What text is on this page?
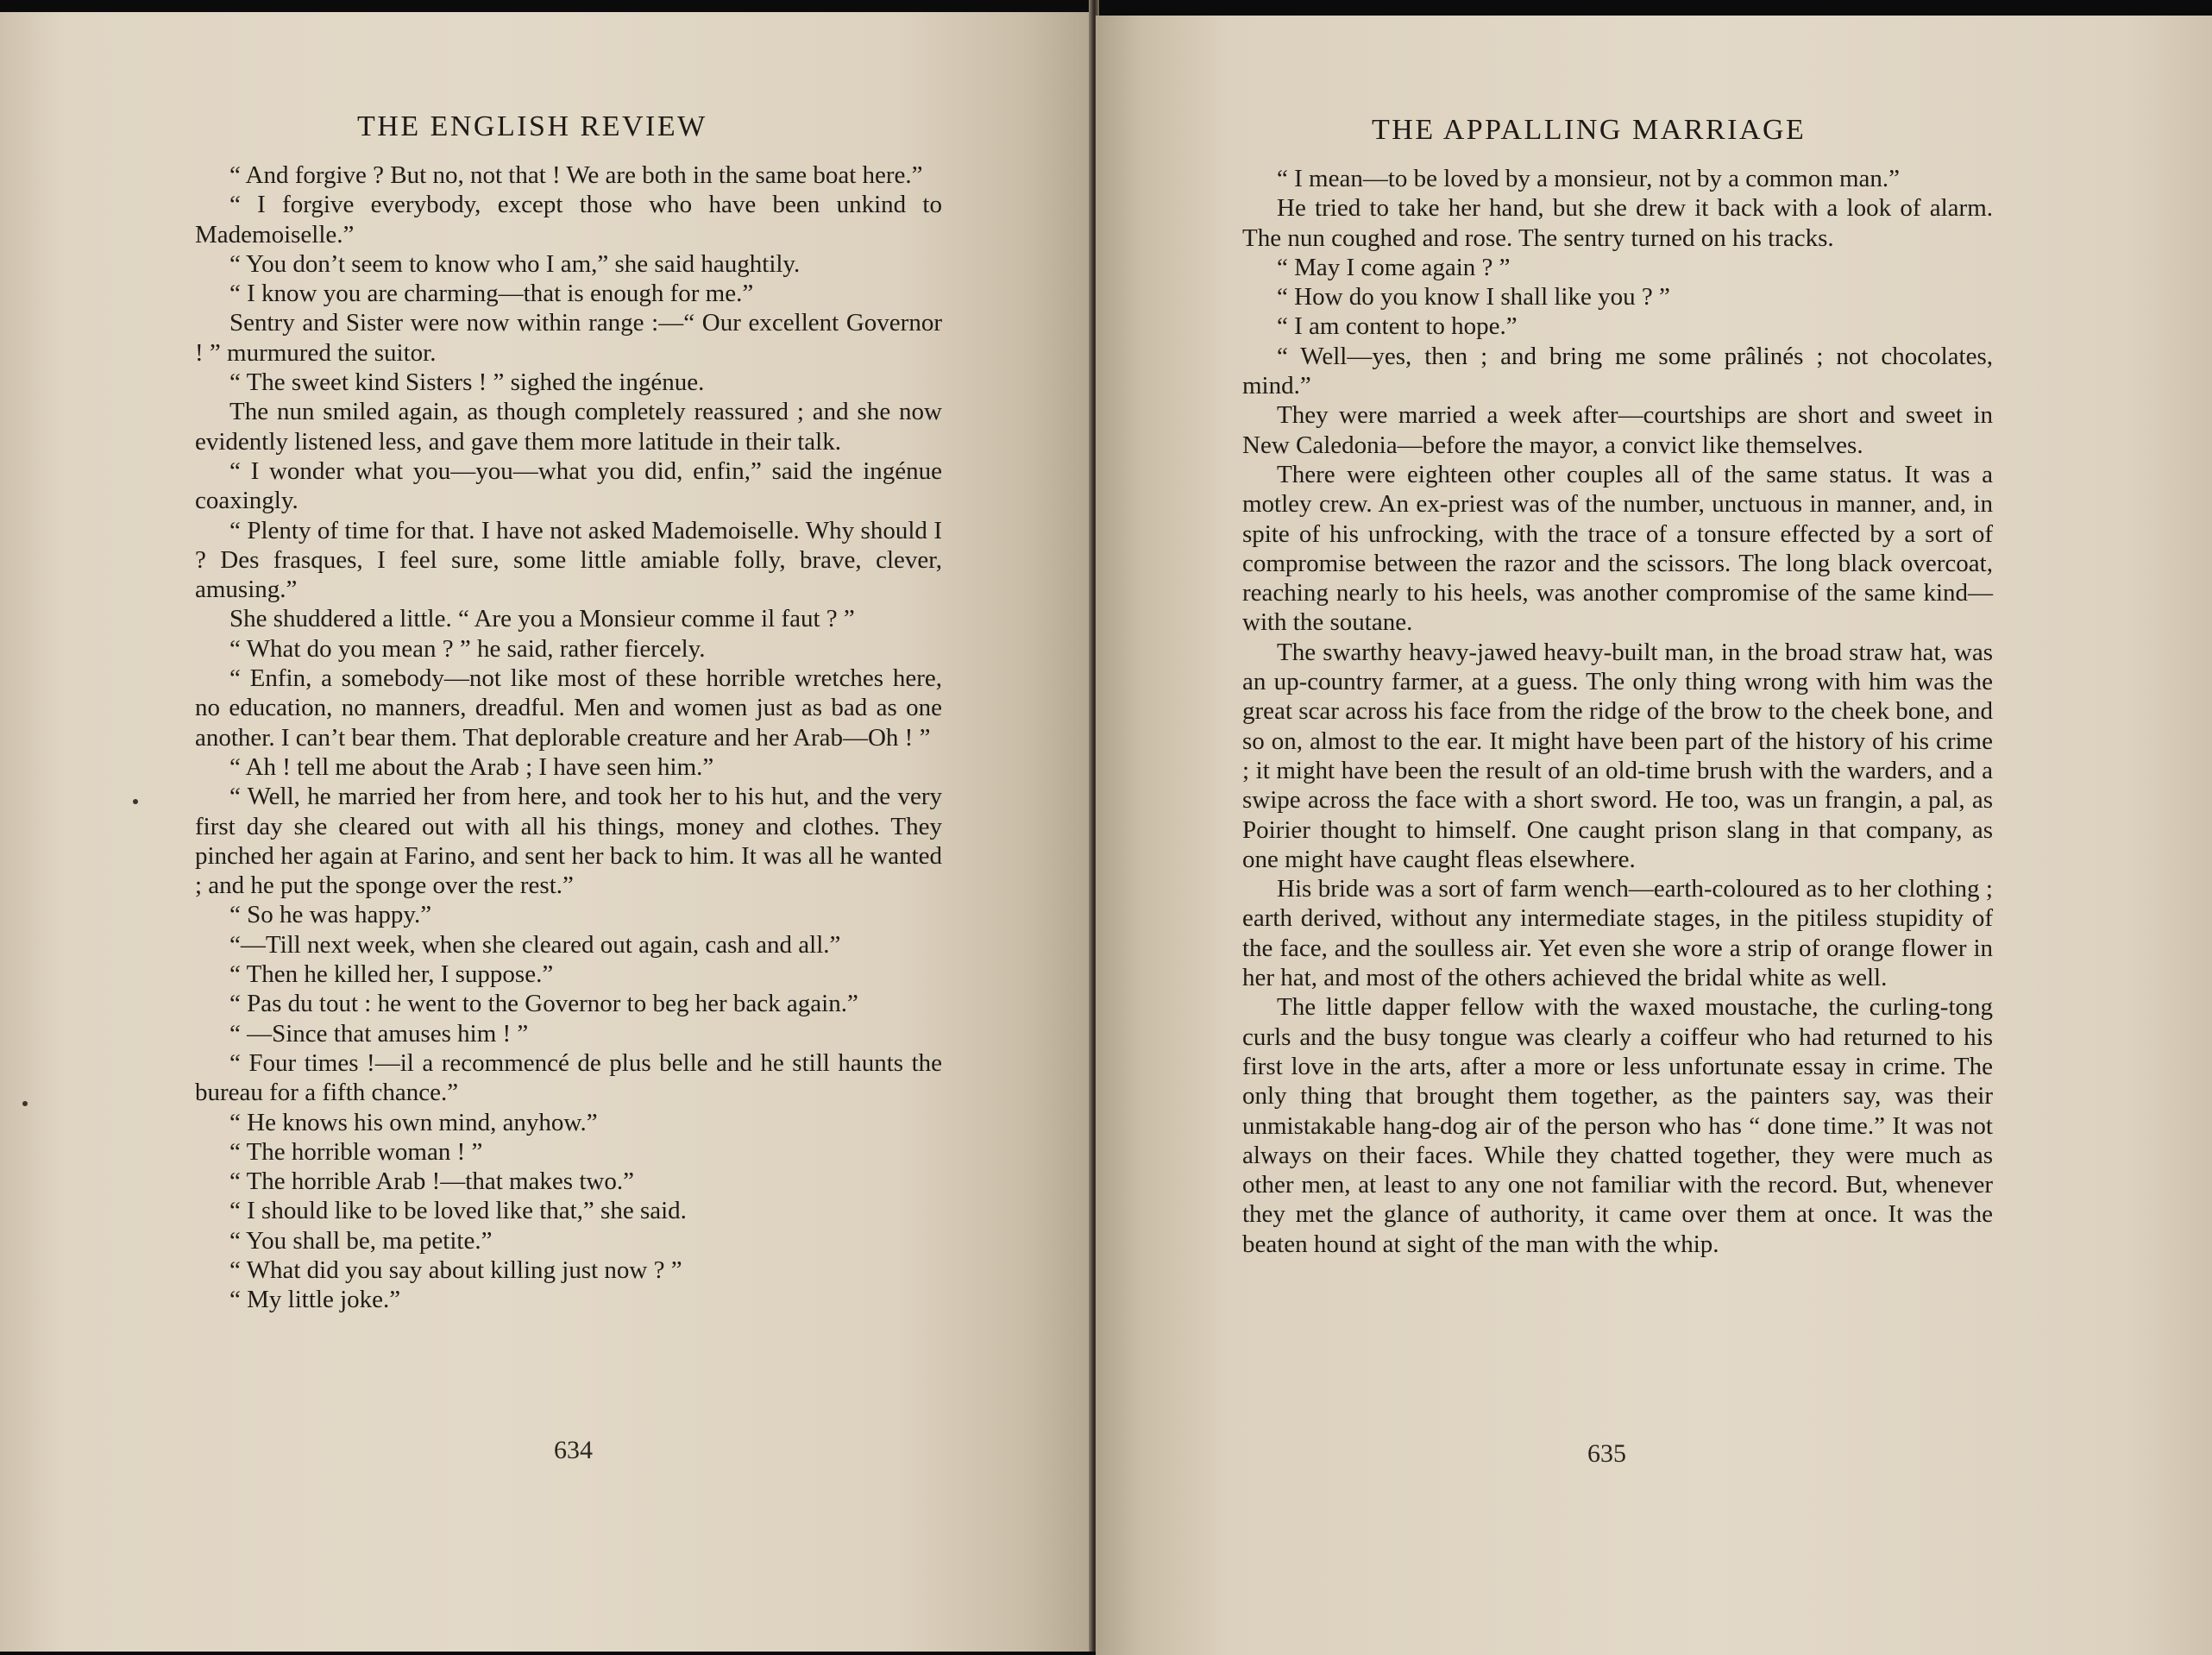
THE ENGLISH REVIEW

“ And forgive ? But no, not that ! We are both in the same boat here.”

“ I forgive everybody, except those who have been unkind to Mademoiselle.”

“ You don’t seem to know who I am,” she said haughtily.

“ I know you are charming—that is enough for me.”

Sentry and Sister were now within range :—“ Our excellent Governor ! ” murmured the suitor.

“ The sweet kind Sisters ! ” sighed the ingénue.

The nun smiled again, as though completely reassured ; and she now evidently listened less, and gave them more latitude in their talk.

“ I wonder what you—you—what you did, enfin,” said the ingénue coaxingly.

“ Plenty of time for that. I have not asked Mademoiselle. Why should I ? Des frasques, I feel sure, some little amiable folly, brave, clever, amusing.”

She shuddered a little. “ Are you a Monsieur comme il faut ? ”

“ What do you mean ? ” he said, rather fiercely.

“ Enfin, a somebody—not like most of these horrible wretches here, no education, no manners, dreadful. Men and women just as bad as one another. I can’t bear them. That deplorable creature and her Arab—Oh ! ”

“ Ah ! tell me about the Arab ; I have seen him.”

“ Well, he married her from here, and took her to his hut, and the very first day she cleared out with all his things, money and clothes. They pinched her again at Farino, and sent her back to him. It was all he wanted ; and he put the sponge over the rest.”

“ So he was happy.”

“—Till next week, when she cleared out again, cash and all.”

“ Then he killed her, I suppose.”

“ Pas du tout : he went to the Governor to beg her back again.”

“ —Since that amuses him ! ”

“ Four times !—il a recommencé de plus belle and he still haunts the bureau for a fifth chance.”

“ He knows his own mind, anyhow.”

“ The horrible woman ! ”

“ The horrible Arab !—that makes two.”

“ I should like to be loved like that,” she said.

“ You shall be, ma petite.”

“ What did you say about killing just now ? ”

“ My little joke.”

634
THE APPALLING MARRIAGE

“ I mean—to be loved by a monsieur, not by a common man.”

He tried to take her hand, but she drew it back with a look of alarm. The nun coughed and rose. The sentry turned on his tracks.

“ May I come again ? ”

“ How do you know I shall like you ? ”

“ I am content to hope.”

“ Well—yes, then ; and bring me some prâlinés ; not chocolates, mind.”

They were married a week after—courtships are short and sweet in New Caledonia—before the mayor, a convict like themselves.

There were eighteen other couples all of the same status. It was a motley crew. An ex-priest was of the number, unctuous in manner, and, in spite of his unfrocking, with the trace of a tonsure effected by a sort of compromise between the razor and the scissors. The long black overcoat, reaching nearly to his heels, was another compromise of the same kind—with the soutane.

The swarthy heavy-jawed heavy-built man, in the broad straw hat, was an up-country farmer, at a guess. The only thing wrong with him was the great scar across his face from the ridge of the brow to the cheek bone, and so on, almost to the ear. It might have been part of the history of his crime ; it might have been the result of an old-time brush with the warders, and a swipe across the face with a short sword. He too, was un frangin, a pal, as Poirier thought to himself. One caught prison slang in that company, as one might have caught fleas elsewhere.

His bride was a sort of farm wench—earth-coloured as to her clothing ; earth derived, without any intermediate stages, in the pitiless stupidity of the face, and the soulless air. Yet even she wore a strip of orange flower in her hat, and most of the others achieved the bridal white as well.

The little dapper fellow with the waxed moustache, the curling-tong curls and the busy tongue was clearly a coiffeur who had returned to his first love in the arts, after a more or less unfortunate essay in crime. The only thing that brought them together, as the painters say, was their unmistakable hang-dog air of the person who has “ done time.” It was not always on their faces. While they chatted together, they were much as other men, at least to any one not familiar with the record. But, whenever they met the glance of authority, it came over them at once. It was the beaten hound at sight of the man with the whip.

635
